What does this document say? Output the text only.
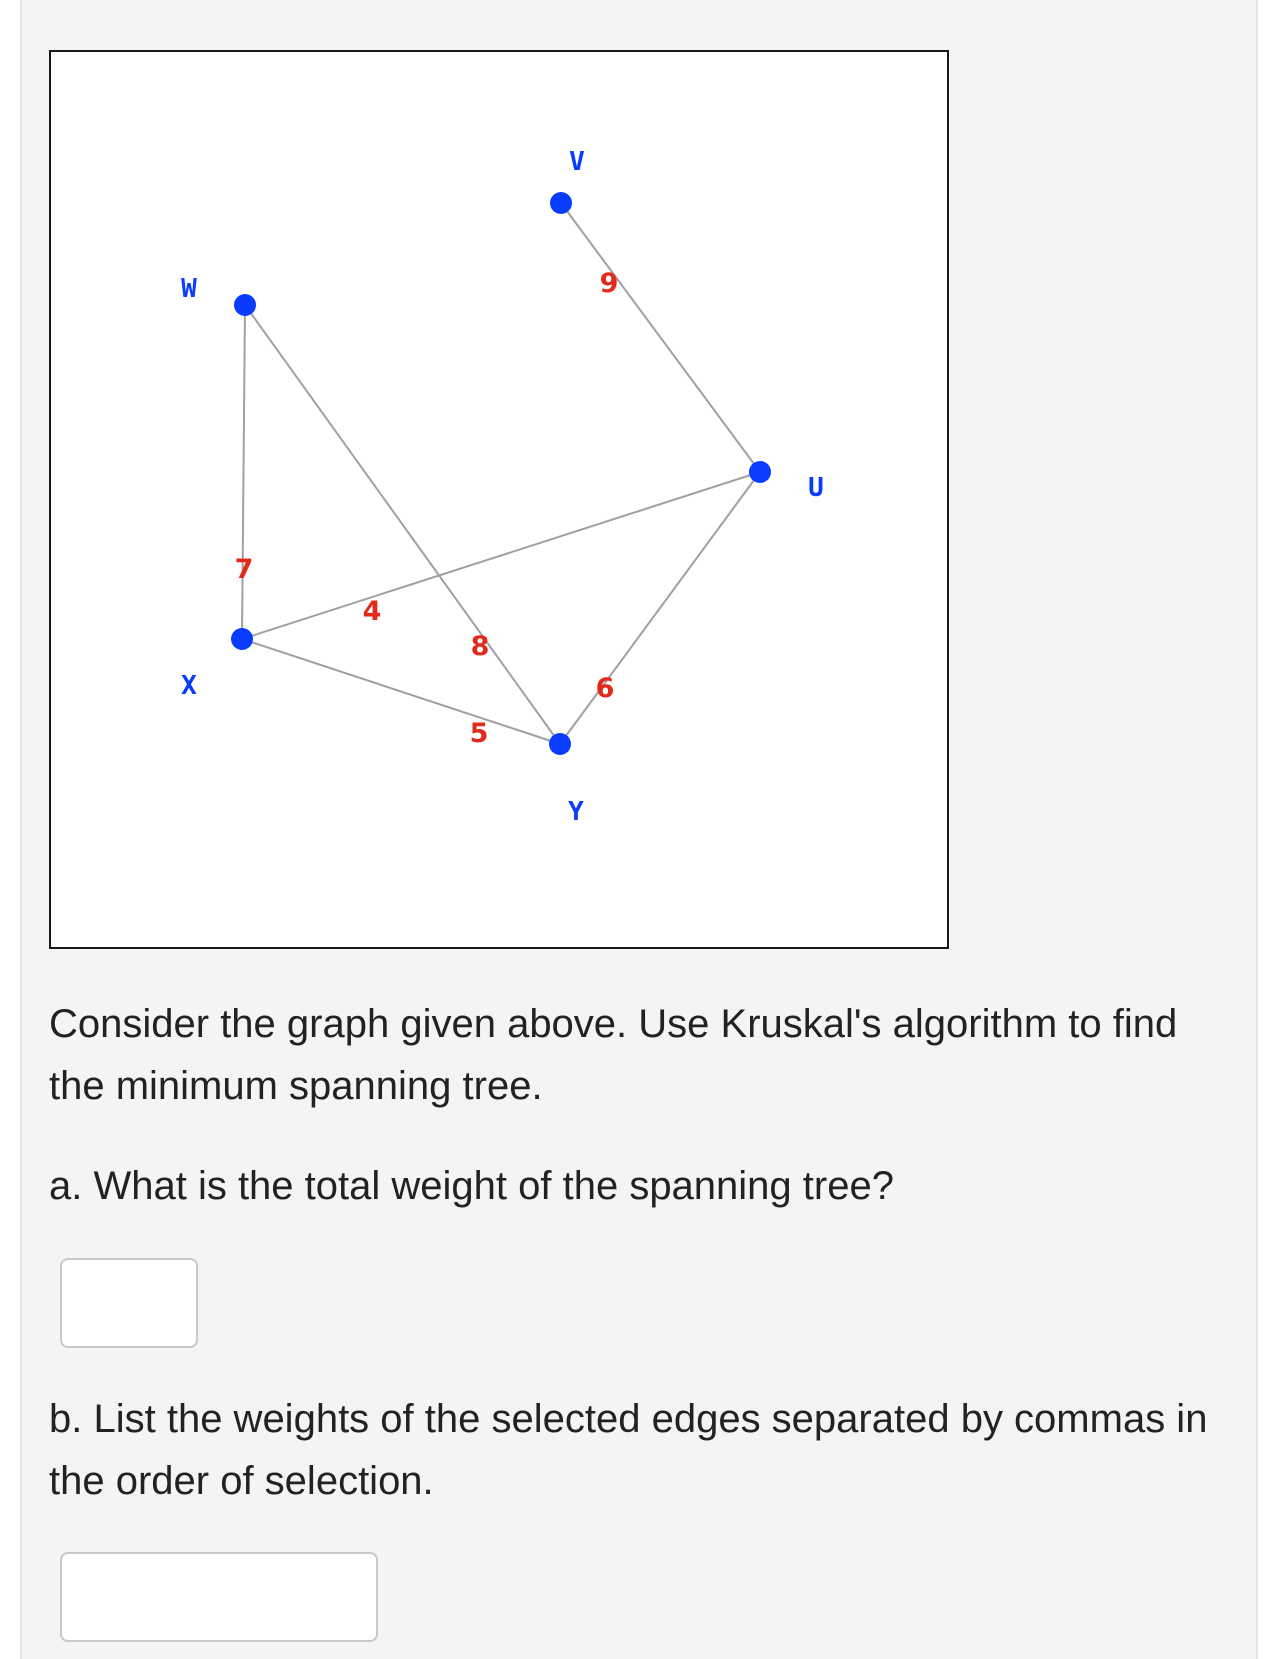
7
4
8
5
6
9
W
V
U
X
Y

Consider the graph given above. Use Kruskal's algorithm to find the minimum spanning tree.

a. What is the total weight of the spanning tree?

b. List the weights of the selected edges separated by commas in the order of selection.
